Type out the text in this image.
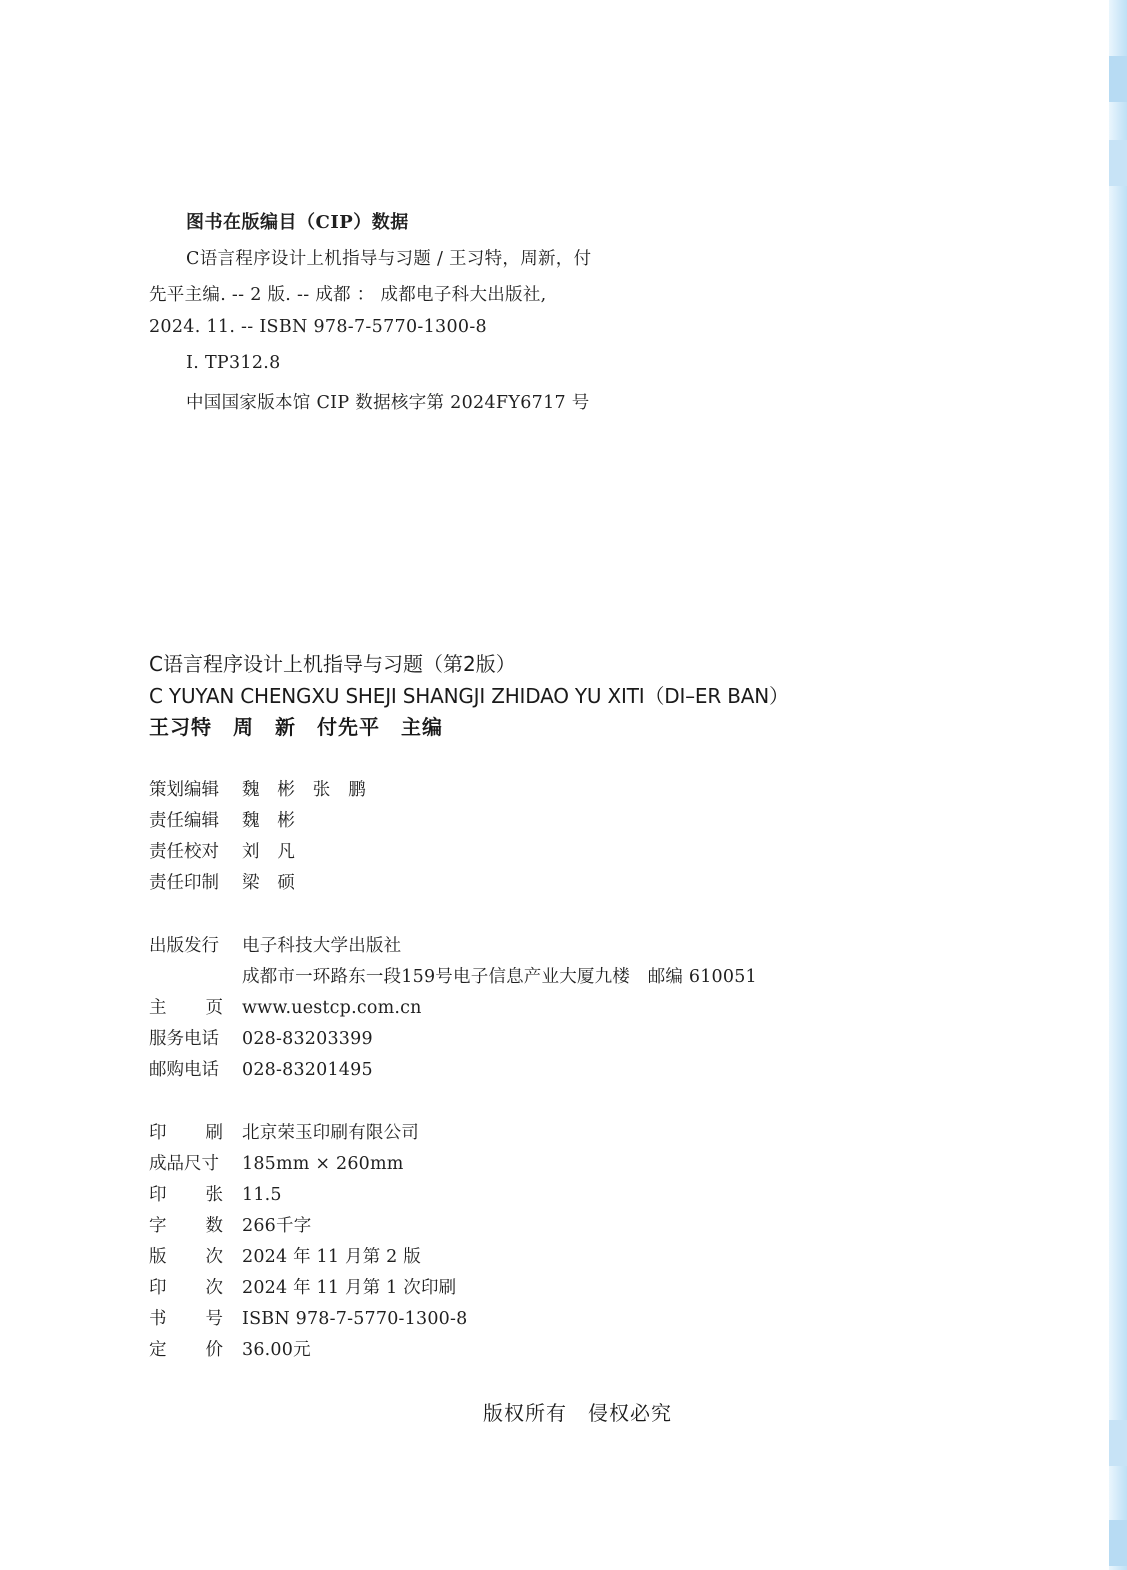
图书在版编目（CIP）数据
C语言程序设计上机指导与习题 / 王习特，周新，付
先平主编. -- 2 版. -- 成都 ： 成都电子科大出版社,
2024. 11. -- ISBN 978-7-5770-1300-8
Ⅰ. TP312.8
中国国家版本馆 CIP 数据核字第 2024FY6717 号
C语言程序设计上机指导与习题（第2版）
C YUYAN CHENGXU SHEJI SHANGJI ZHIDAO YU XITI（DI–ER BAN）
王习特　周　新　付先平　主编
策划编辑 魏　彬　张　鹏
责任编辑 魏　彬
责任校对 刘　凡
责任印制 梁　硕
出版发行 电子科技大学出版社
成都市一环路东一段159号电子信息产业大厦九楼　邮编 610051
主 页 www.uestcp.com.cn
服务电话 028-83203399
邮购电话 028-83201495
印 刷 北京荣玉印刷有限公司
成品尺寸 185mm × 260mm
印 张 11.5
字 数 266千字
版 次 2024 年 11 月第 2 版
印 次 2024 年 11 月第 1 次印刷
书 号 ISBN 978-7-5770-1300-8
定 价 36.00元
版权所有　侵权必究
